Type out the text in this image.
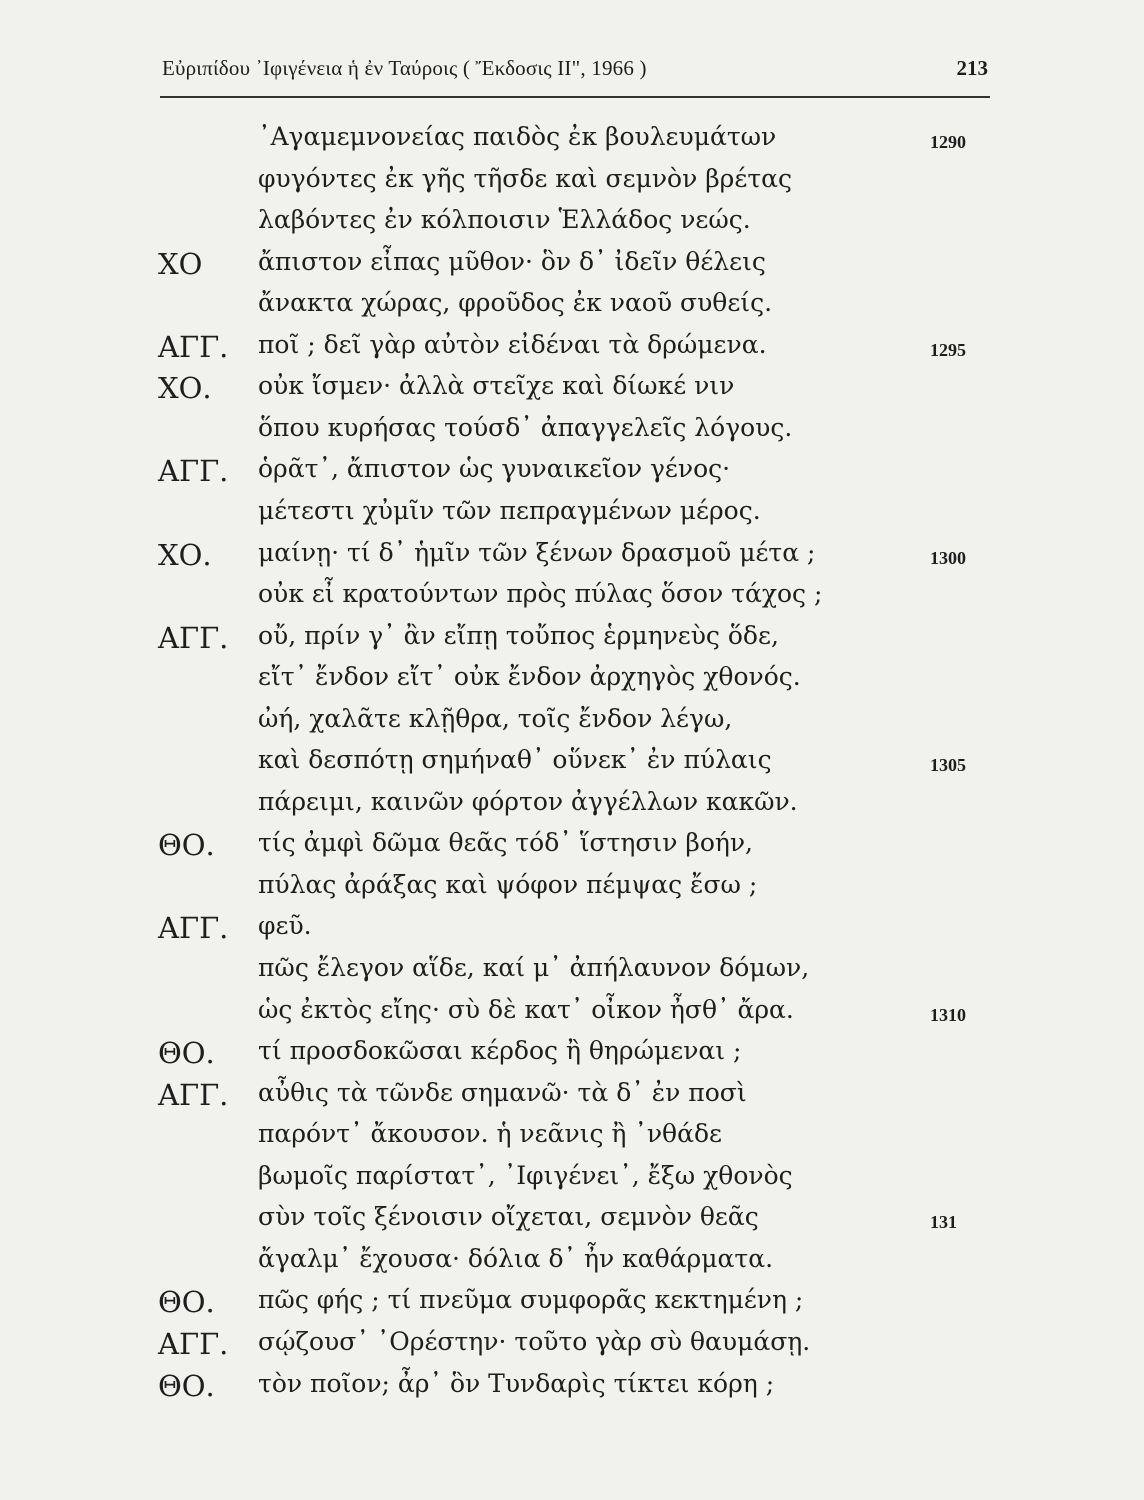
Εὐριπίδου ᾽Ιφιγένεια ἡ ἐν Ταύροις ( Ἔκδοσις ΙΙ", 1966 )	213
᾽Αγαμεμνονείας παιδὸς ἐκ βουλευμάτων	1290
φυγόντες ἐκ γῆς τῆσδε καὶ σεμνὸν βρέτας
λαβόντες ἐν κόλποισιν Ἑλλάδος νεώς.
ΧΟ ἄπιστον εἶπας μῦθον· ὃν δ᾽ ἰδεῖν θέλεις
ἄνακτα χώρας, φροῦδος ἐκ ναοῦ συθείς.
ΑΓΓ. ποῖ ; δεῖ γὰρ αὐτὸν εἰδέναι τὰ δρώμενα.	1295
ΧΟ. οὐκ ἴσμεν· ἀλλὰ στεῖχε καὶ δίωκέ νιν
ὅπου κυρήσας τούσδ᾽ ἀπαγγελεῖς λόγους.
ΑΓΓ. ὁρᾶτ᾽, ἄπιστον ὡς γυναικεῖον γένος·
μέτεστι χὐμῖν τῶν πεπραγμένων μέρος.
ΧΟ. μαίνῃ· τί δ᾽ ἡμῖν τῶν ξένων δρασμοῦ μέτα ;	1300
οὐκ εἶ κρατούντων πρὸς πύλας ὅσον τάχος ;
ΑΓΓ. οὔ, πρίν γ᾽ ἂν εἴπῃ τοὔπος ἑρμηνεὺς ὅδε,
εἴτ᾽ ἔνδον εἴτ᾽ οὐκ ἔνδον ἀρχηγὸς χθονός.
ὠή, χαλᾶτε κλῇθρα, τοῖς ἔνδον λέγω,
καὶ δεσπότῃ σημήναθ᾽ οὕνεκ᾽ ἐν πύλαις	1305
πάρειμι, καινῶν φόρτον ἀγγέλλων κακῶν.
ΘΟ. τίς ἀμφὶ δῶμα θεᾶς τόδ᾽ ἵστησιν βοήν,
πύλας ἀράξας καὶ ψόφον πέμψας ἔσω ;
ΑΓΓ. φεῦ.
πῶς ἔλεγον αἵδε, καί μ᾽ ἀπήλαυνον δόμων,
ὡς ἐκτὸς εἴης· σὺ δὲ κατ᾽ οἶκον ἦσθ᾽ ἄρα.	1310
ΘΟ. τί προσδοκῶσαι κέρδος ἢ θηρώμεναι ;
ΑΓΓ. αὖθις τὰ τῶνδε σημανῶ· τὰ δ᾽ ἐν ποσὶ
παρόντ᾽ ἄκουσον. ἡ νεᾶνις ἢ ᾽νθάδε
βωμοῖς παρίστατ᾽, ᾽Ιφιγένει᾽, ἔξω χθονὸς
σὺν τοῖς ξένοισιν οἴχεται, σεμνὸν θεᾶς	131
ἄγαλμ᾽ ἔχουσα· δόλια δ᾽ ἦν καθάρματα.
ΘΟ. πῶς φής ; τί πνεῦμα συμφορᾶς κεκτημένη ;
ΑΓΓ. σῴζουσ᾽ ᾽Ορέστην· τοῦτο γὰρ σὺ θαυμάσῃ.
ΘΟ. τὸν ποῖον; ἆρ᾽ ὃν Τυνδαρὶς τίκτει κόρη ;
